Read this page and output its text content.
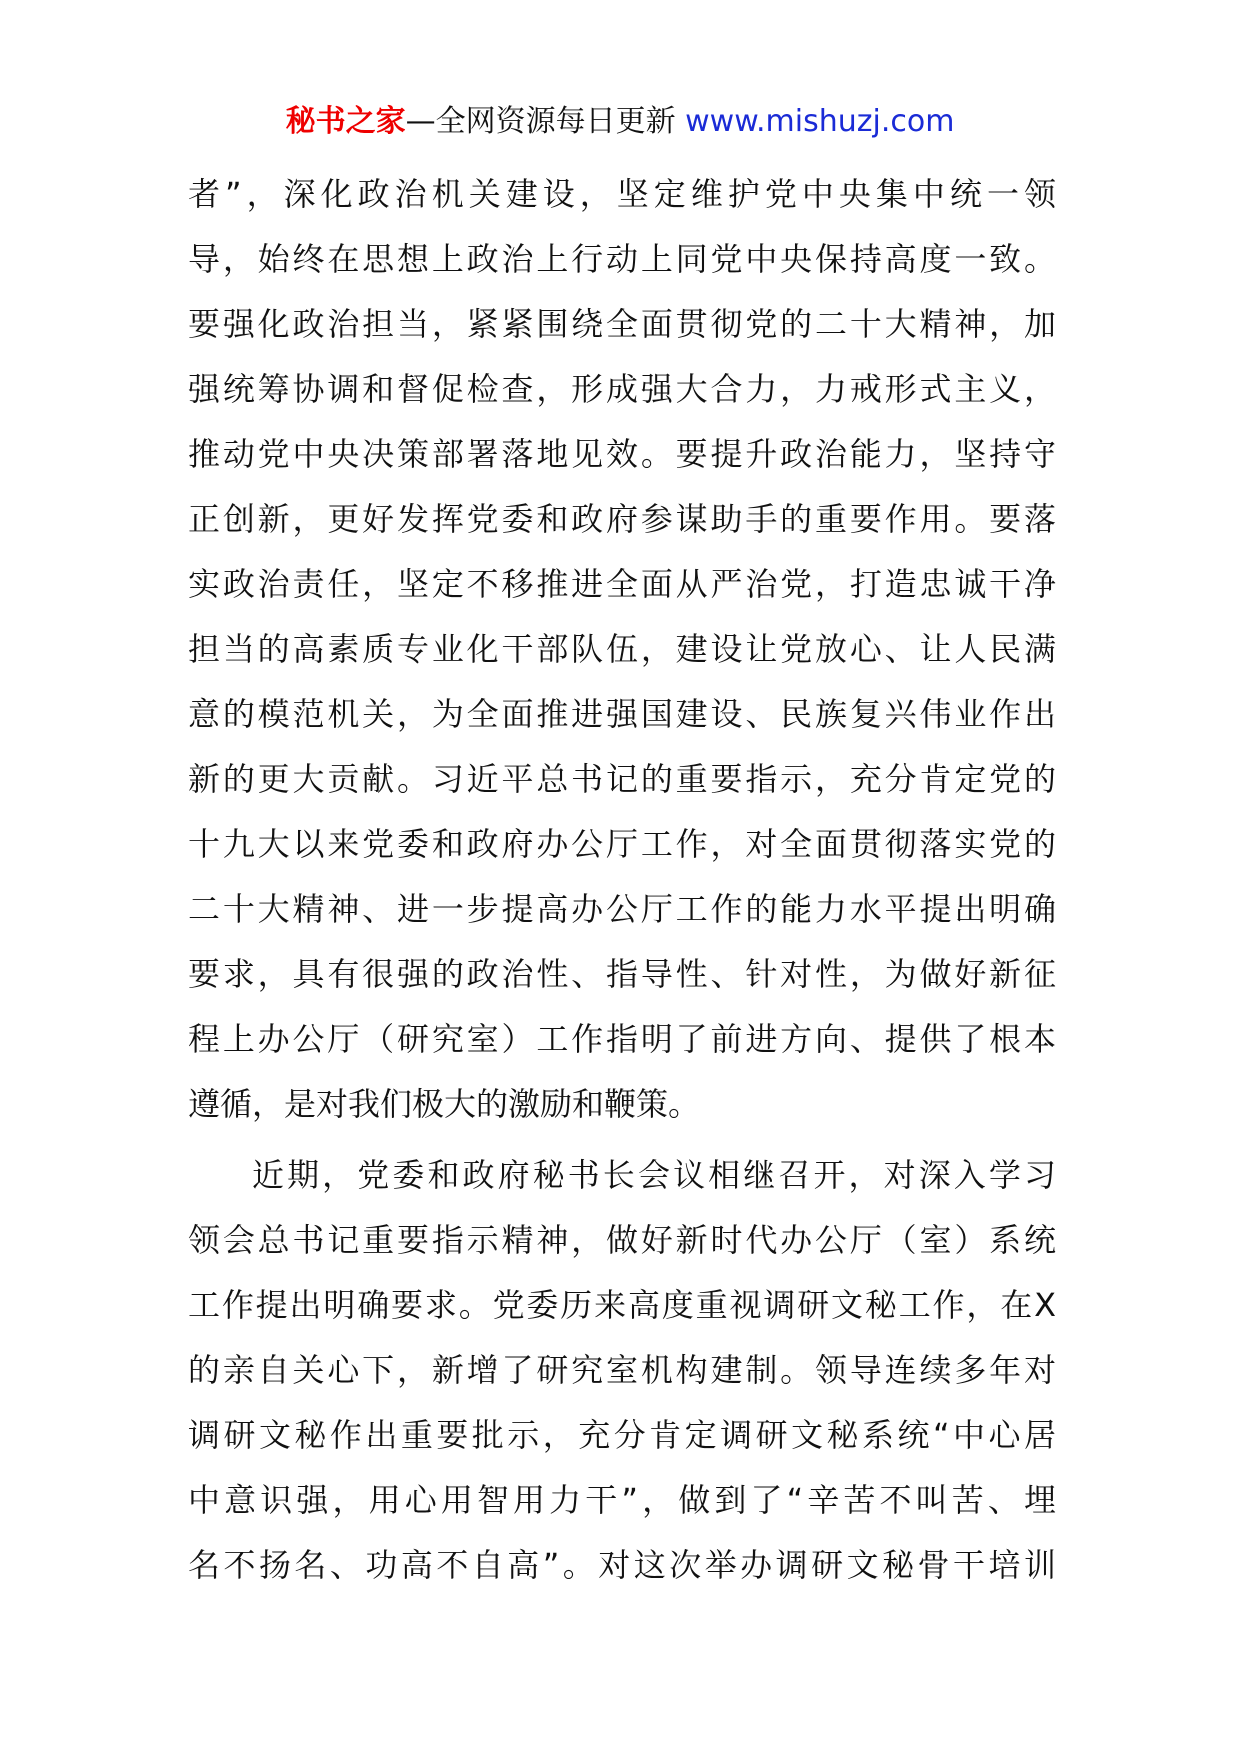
秘书之家—全网资源每日更新 www.mishuzj.com
者”，深化政治机关建设，坚定维护党中央集中统一领
导，始终在思想上政治上行动上同党中央保持高度一致。
要强化政治担当，紧紧围绕全面贯彻党的二十大精神，加
强统筹协调和督促检查，形成强大合力，力戒形式主义，
推动党中央决策部署落地见效。要提升政治能力，坚持守
正创新，更好发挥党委和政府参谋助手的重要作用。要落
实政治责任，坚定不移推进全面从严治党，打造忠诚干净
担当的高素质专业化干部队伍，建设让党放心、让人民满
意的模范机关，为全面推进强国建设、民族复兴伟业作出
新的更大贡献。习近平总书记的重要指示，充分肯定党的
十九大以来党委和政府办公厅工作，对全面贯彻落实党的
二十大精神、进一步提高办公厅工作的能力水平提出明确
要求，具有很强的政治性、指导性、针对性，为做好新征
程上办公厅（研究室）工作指明了前进方向、提供了根本
遵循，是对我们极大的激励和鞭策。
近期，党委和政府秘书长会议相继召开，对深入学习
领会总书记重要指示精神，做好新时代办公厅（室）系统
工作提出明确要求。党委历来高度重视调研文秘工作，在X
的亲自关心下，新增了研究室机构建制。领导连续多年对
调研文秘作出重要批示，充分肯定调研文秘系统“中心居
中意识强，用心用智用力干”，做到了“辛苦不叫苦、埋
名不扬名、功高不自高”。对这次举办调研文秘骨干培训
